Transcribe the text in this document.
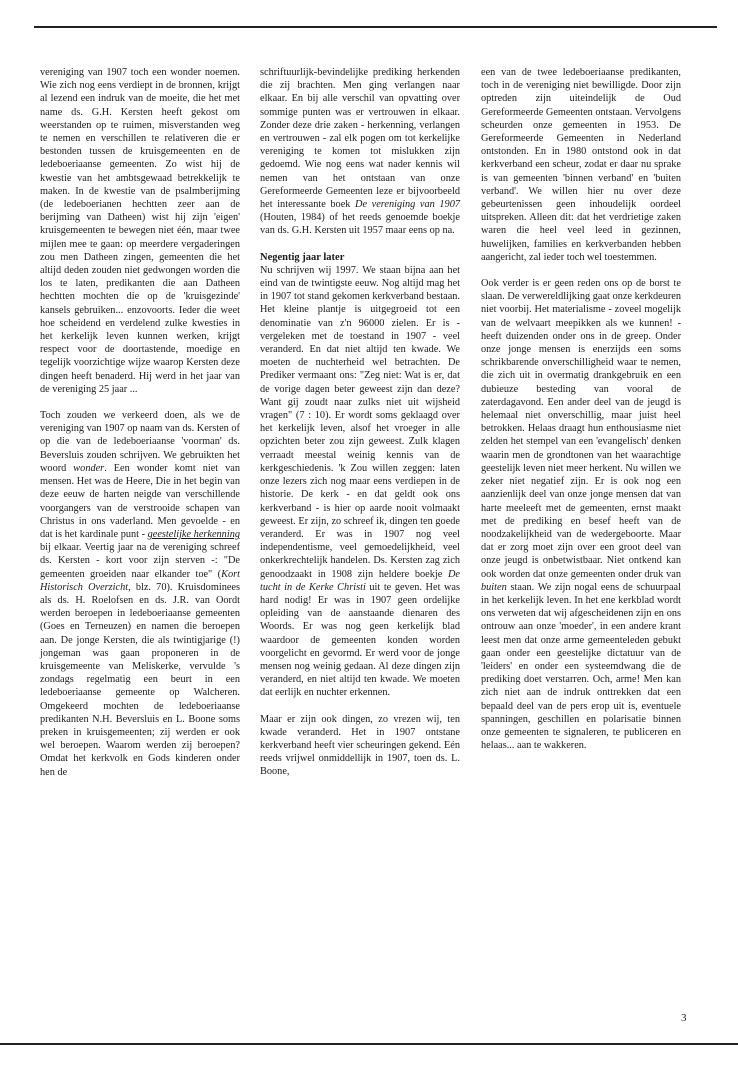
vereniging van 1907 toch een wonder noemen. Wie zich nog eens verdiept in de bronnen, krijgt al lezend een indruk van de moeite, die het met name ds. G.H. Kersten heeft gekost om weerstanden op te ruimen, misverstanden weg te nemen en verschillen te relativeren die er bestonden tussen de kruisgemeenten en de ledeboeriaanse gemeenten. Zo wist hij de kwestie van het ambtsgewaad betrekkelijk te maken. In de kwestie van de psalmberijming (de ledeboerianen hechtten zeer aan de berijming van Datheen) wist hij zijn 'eigen' kruisgemeenten te bewegen niet één, maar twee mijlen mee te gaan: op meerdere vergaderingen zou men Datheen zingen, gemeenten die het altijd deden zouden niet gedwongen worden die los te laten, predikanten die aan Datheen hechtten mochten die op de 'kruisgezinde' kansels gebruiken... enzovoorts. Ieder die weet hoe scheidend en verdelend zulke kwesties in het kerkelijk leven kunnen werken, krijgt respect voor de doortastende, moedige en tegelijk voorzichtige wijze waarop Kersten deze dingen heeft benaderd. Hij werd in het jaar van de vereniging 25 jaar ...

Toch zouden we verkeerd doen, als we de vereniging van 1907 op naam van ds. Kersten of op die van de ledeboeriaanse 'voorman' ds. Beversluis zouden schrijven. We gebruikten het woord wonder. Een wonder komt niet van mensen. Het was de Heere, Die in het begin van deze eeuw de harten neigde van verschillende voorgangers van de verstrooide schapen van Christus in ons vaderland. Men gevoelde - en dat is het kardinale punt - geestelijke herkenning bij elkaar. Veertig jaar na de vereniging schreef ds. Kersten - kort voor zijn sterven -: "De gemeenten groeiden naar elkander toe" (Kort Historisch Overzicht, blz. 70). Kruisdominees als ds. H. Roelofsen en ds. J.R. van Oordt werden beroepen in ledeboeriaanse gemeenten (Goes en Terneuzen) en namen die beroepen aan. De jonge Kersten, die als twintigjarige (!) jongeman was gaan proponeren in de kruisgemeente van Meliskerke, vervulde 's zondags regelmatig een beurt in een ledeboeriaanse gemeente op Walcheren. Omgekeerd mochten de ledeboeriaanse predikanten N.H. Beversluis en L. Boone soms preken in kruisgemeenten; zij werden er ook wel beroepen. Waarom werden zij beroepen? Omdat het kerkvolk en Gods kinderen onder hen de

schriftuurlijk-bevindelijke prediking herkenden die zij brachten. Men ging verlangen naar elkaar. En bij alle verschil van opvatting over sommige punten was er vertrouwen in elkaar. Zonder deze drie zaken - herkenning, verlangen en vertrouwen - zal elk pogen om tot kerkelijke vereniging te komen tot mislukken zijn gedoemd. Wie nog eens wat nader kennis wil nemen van het ontstaan van onze Gereformeerde Gemeenten leze er bijvoorbeeld het interessante boek De vereniging van 1907 (Houten, 1984) of het reeds genoemde boekje van ds. G.H. Kersten uit 1957 maar eens op na.

Negentig jaar later

Nu schrijven wij 1997. We staan bijna aan het eind van de twintigste eeuw. Nog altijd mag het in 1907 tot stand gekomen kerkverband bestaan. Het kleine plantje is uitgegroeid tot een denominatie van z'n 96000 zielen. Er is - vergeleken met de toestand in 1907 - veel veranderd. En dat niet altijd ten kwade. We moeten de nuchterheid wel betrachten. De Prediker vermaant ons: "Zeg niet: Wat is er, dat de vorige dagen beter geweest zijn dan deze? Want gij zoudt naar zulks niet uit wijsheid vragen" (7 : 10). Er wordt soms geklaagd over het kerkelijk leven, alsof het vroeger in alle opzichten beter zou zijn geweest. Zulk klagen verraadt meestal weinig kennis van de kerkgeschiedenis. 'k Zou willen zeggen: laten onze lezers zich nog maar eens verdiepen in de historie. De kerk - en dat geldt ook ons kerkverband - is hier op aarde nooit volmaakt geweest. Er zijn, zo schreef ik, dingen ten goede veranderd. Er was in 1907 nog veel independentisme, veel gemoedelijkheid, veel onkerkrechtelijk handelen. Ds. Kersten zag zich genoodzaakt in 1908 zijn heldere boekje De tucht in de Kerke Christi uit te geven. Het was hard nodig! Er was in 1907 geen ordelijke opleiding van de aanstaande dienaren des Woords. Er was nog geen kerkelijk blad waardoor de gemeenten konden worden voorgelicht en gevormd. Er werd voor de jonge mensen nog weinig gedaan. Al deze dingen zijn veranderd, en niet altijd ten kwade. We moeten dat eerlijk en nuchter erkennen.

Maar er zijn ook dingen, zo vrezen wij, ten kwade veranderd. Het in 1907 ontstane kerkverband heeft vier scheuringen gekend. Eén reeds vrijwel onmiddellijk in 1907, toen ds. L. Boone,

een van de twee ledeboeriaanse predikanten, toch in de vereniging niet bewilligde. Door zijn optreden zijn uiteindelijk de Oud Gereformeerde Gemeenten ontstaan. Vervolgens scheurden onze gemeenten in 1953. De Gereformeerde Gemeenten in Nederland ontstonden. En in 1980 ontstond ook in dat kerkverband een scheur, zodat er daar nu sprake is van gemeenten 'binnen verband' en 'buiten verband'. We willen hier nu over deze gebeurtenissen geen inhoudelijk oordeel uitspreken. Alleen dit: dat het verdrietige zaken waren die heel veel leed in gezinnen, huwelijken, families en kerkverbanden hebben aangericht, zal ieder toch wel toestemmen.

Ook verder is er geen reden ons op de borst te slaan. De verwereldlijking gaat onze kerkdeuren niet voorbij. Het materialisme - zoveel mogelijk van de welvaart meepikken als we kunnen! - heeft duizenden onder ons in de greep. Onder onze jonge mensen is enerzijds een soms schrikbarende onverschilligheid waar te nemen, die zich uit in overmatig drankgebruik en een dubieuze besteding van vooral de zaterdagavond. Een ander deel van de jeugd is helemaal niet onverschillig, maar juist heel betrokken. Helaas draagt hun enthousiasme niet zelden het stempel van een 'evangelisch' denken waarin men de grondtonen van het waarachtige geestelijk leven niet meer herkent. Nu willen we zeker niet negatief zijn. Er is ook nog een aanzienlijk deel van onze jonge mensen dat van harte meeleeft met de gemeenten, ernst maakt met de prediking en besef heeft van de noodzakelijkheid van de wedergeboorte. Maar dat er zorg moet zijn over een groot deel van onze jeugd is onbetwistbaar. Niet ontkend kan ook worden dat onze gemeenten onder druk van buiten staan. We zijn nogal eens de schuurpaal in het kerkelijk leven. In het ene kerkblad wordt ons verweten dat wij afgescheidenen zijn en ons ontrouw aan onze 'moeder', in een andere krant leest men dat onze arme gemeenteleden gebukt gaan onder een geestelijke dictatuur van de 'leiders' en onder een systeemdwang die de prediking doet verstarren. Och, arme! Men kan zich niet aan de indruk onttrekken dat een bepaald deel van de pers erop uit is, eventuele spanningen, geschillen en polarisatie binnen onze gemeenten te signaleren, te publiceren en helaas... aan te wakkeren.

3
